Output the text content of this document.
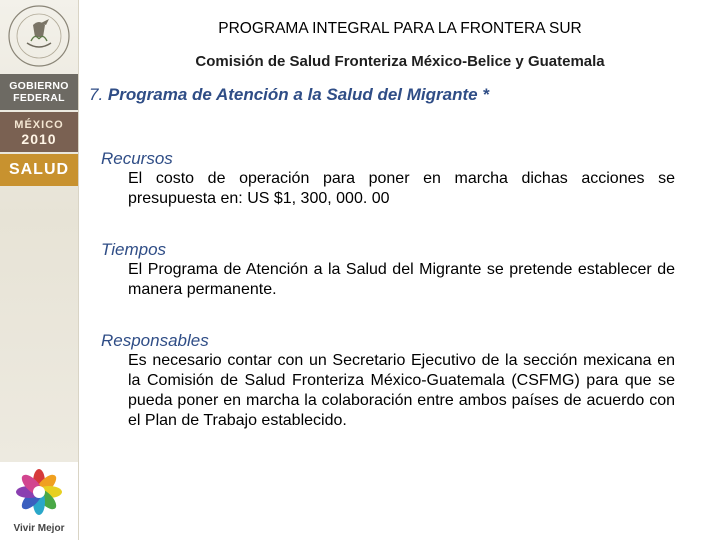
GOBIERNO
FEDERAL
MÉXICO
2010
SALUD
Vivir Mejor
PROGRAMA INTEGRAL PARA LA FRONTERA SUR
Comisión de Salud Fronteriza México-Belice y Guatemala
7. Programa de Atención a la Salud del Migrante *
Recursos
El costo de operación para poner en marcha dichas acciones se presupuesta en: US $1, 300, 000. 00
Tiempos
El Programa de Atención a la Salud del Migrante se pretende establecer de manera permanente.
Responsables
Es necesario contar con un Secretario Ejecutivo de la sección mexicana en la Comisión de Salud Fronteriza México-Guatemala (CSFMG) para que se pueda poner en marcha la colaboración entre ambos países de acuerdo con el Plan de Trabajo establecido.
